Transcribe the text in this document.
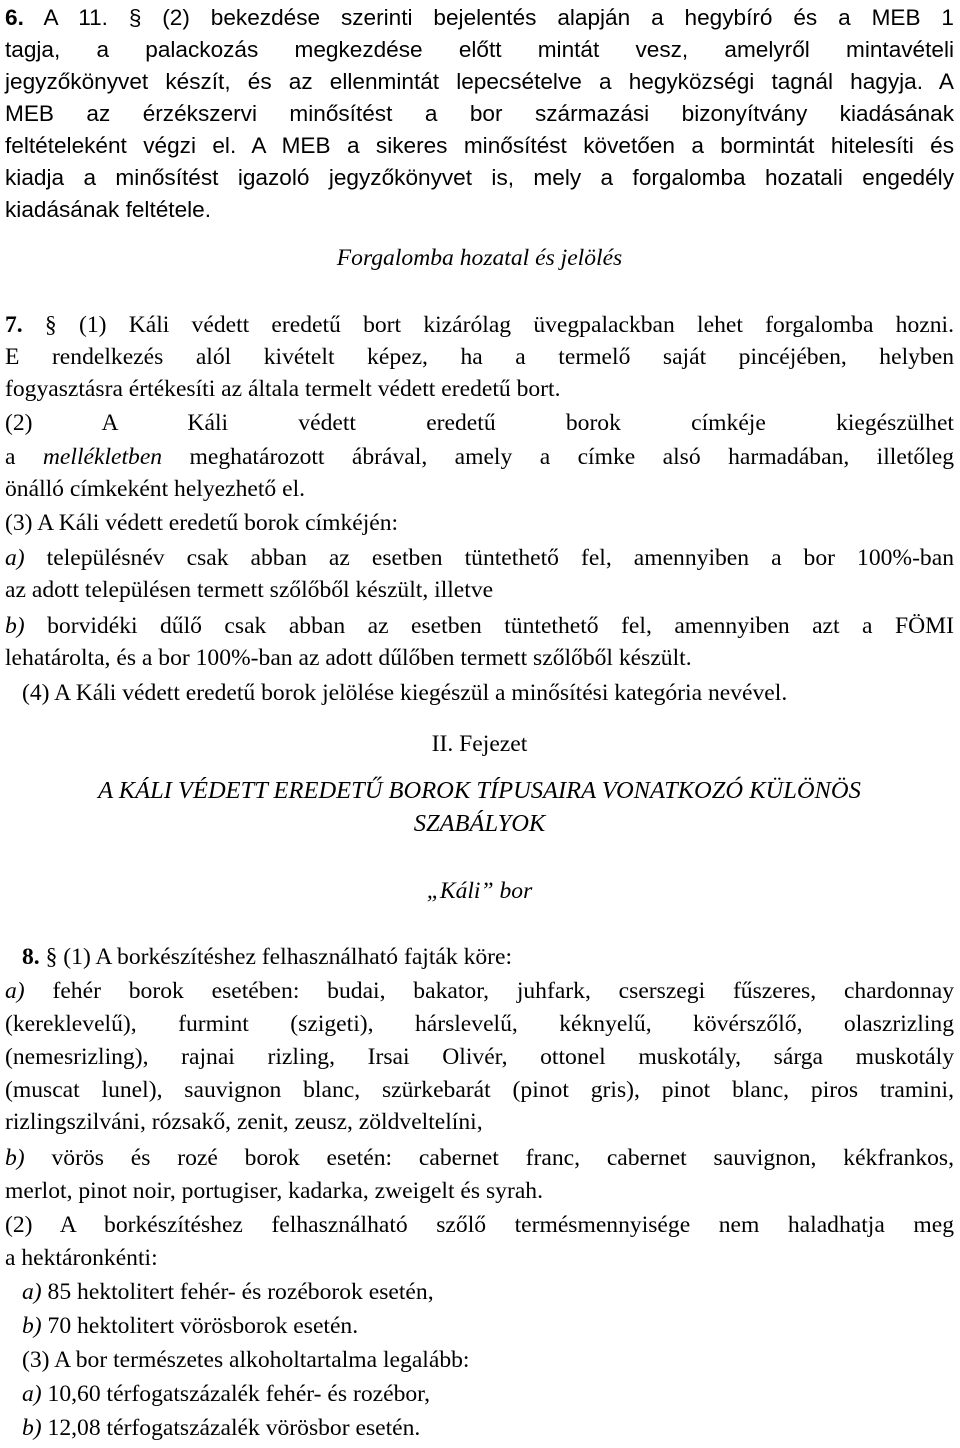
6. A 11. § (2) bekezdése szerinti bejelentés alapján a hegybíró és a MEB 1
tagja, a palackozás megkezdése előtt mintát vesz, amelyről mintavételi
jegyzőkönyvet készít, és az ellenmintát lepecsételve a hegyközségi tagnál hagyja. A
MEB az érzékszervi minősítést a bor származási bizonyítvány kiadásának
feltételeként végzi el. A MEB a sikeres minősítést követően a bormintát hitelesíti és
kiadja a minősítést igazoló jegyzőkönyvet is, mely a forgalomba hozatali engedély
kiadásának feltétele.
Forgalomba hozatal és jelölés
7. § (1) Káli védett eredetű bort kizárólag üvegpalackban lehet forgalomba hozni.
E rendelkezés alól kivételt képez, ha a termelő saját pincéjében, helyben
fogyasztásra értékesíti az általa termelt védett eredetű bort.
(2) A Káli védett eredetű borok címkéje kiegészülhet
a mellékletben meghatározott ábrával, amely a címke alsó harmadában, illetőleg
önálló címkeként helyezhető el.
(3) A Káli védett eredetű borok címkéjén:
a) településnév csak abban az esetben tüntethető fel, amennyiben a bor 100%-ban
az adott településen termett szőlőből készült, illetve
b) borvidéki dűlő csak abban az esetben tüntethető fel, amennyiben azt a FÖMI
lehatárolta, és a bor 100%-ban az adott dűlőben termett szőlőből készült.
(4) A Káli védett eredetű borok jelölése kiegészül a minősítési kategória nevével.
II. Fejezet
A KÁLI VÉDETT EREDETŰ BOROK TÍPUSAIRA VONATKOZÓ KÜLÖNÖS
SZABÁLYOK
„Káli” bor
8. § (1) A borkészítéshez felhasználható fajták köre:
a) fehér borok esetében: budai, bakator, juhfark, cserszegi fűszeres, chardonnay
(kereklevelű), furmint (szigeti), hárslevelű, kéknyelű, kövérszőlő, olaszrizling
(nemesrizling), rajnai rizling, Irsai Olivér, ottonel muskotály, sárga muskotály
(muscat lunel), sauvignon blanc, szürkebarát (pinot gris), pinot blanc, piros tramini,
rizlingszilváni, rózsakő, zenit, zeusz, zöldveltelíni,
b) vörös és rozé borok esetén: cabernet franc, cabernet sauvignon, kékfrankos,
merlot, pinot noir, portugiser, kadarka, zweigelt és syrah.
(2) A borkészítéshez felhasználható szőlő termésmennyisége nem haladhatja meg
a hektáronkénti:
a) 85 hektolitert fehér- és rozéborok esetén,
b) 70 hektolitert vörösborok esetén.
(3) A bor természetes alkoholtartalma legalább:
a) 10,60 térfogatszázalék fehér- és rozébor,
b) 12,08 térfogatszázalék vörösbor esetén.
